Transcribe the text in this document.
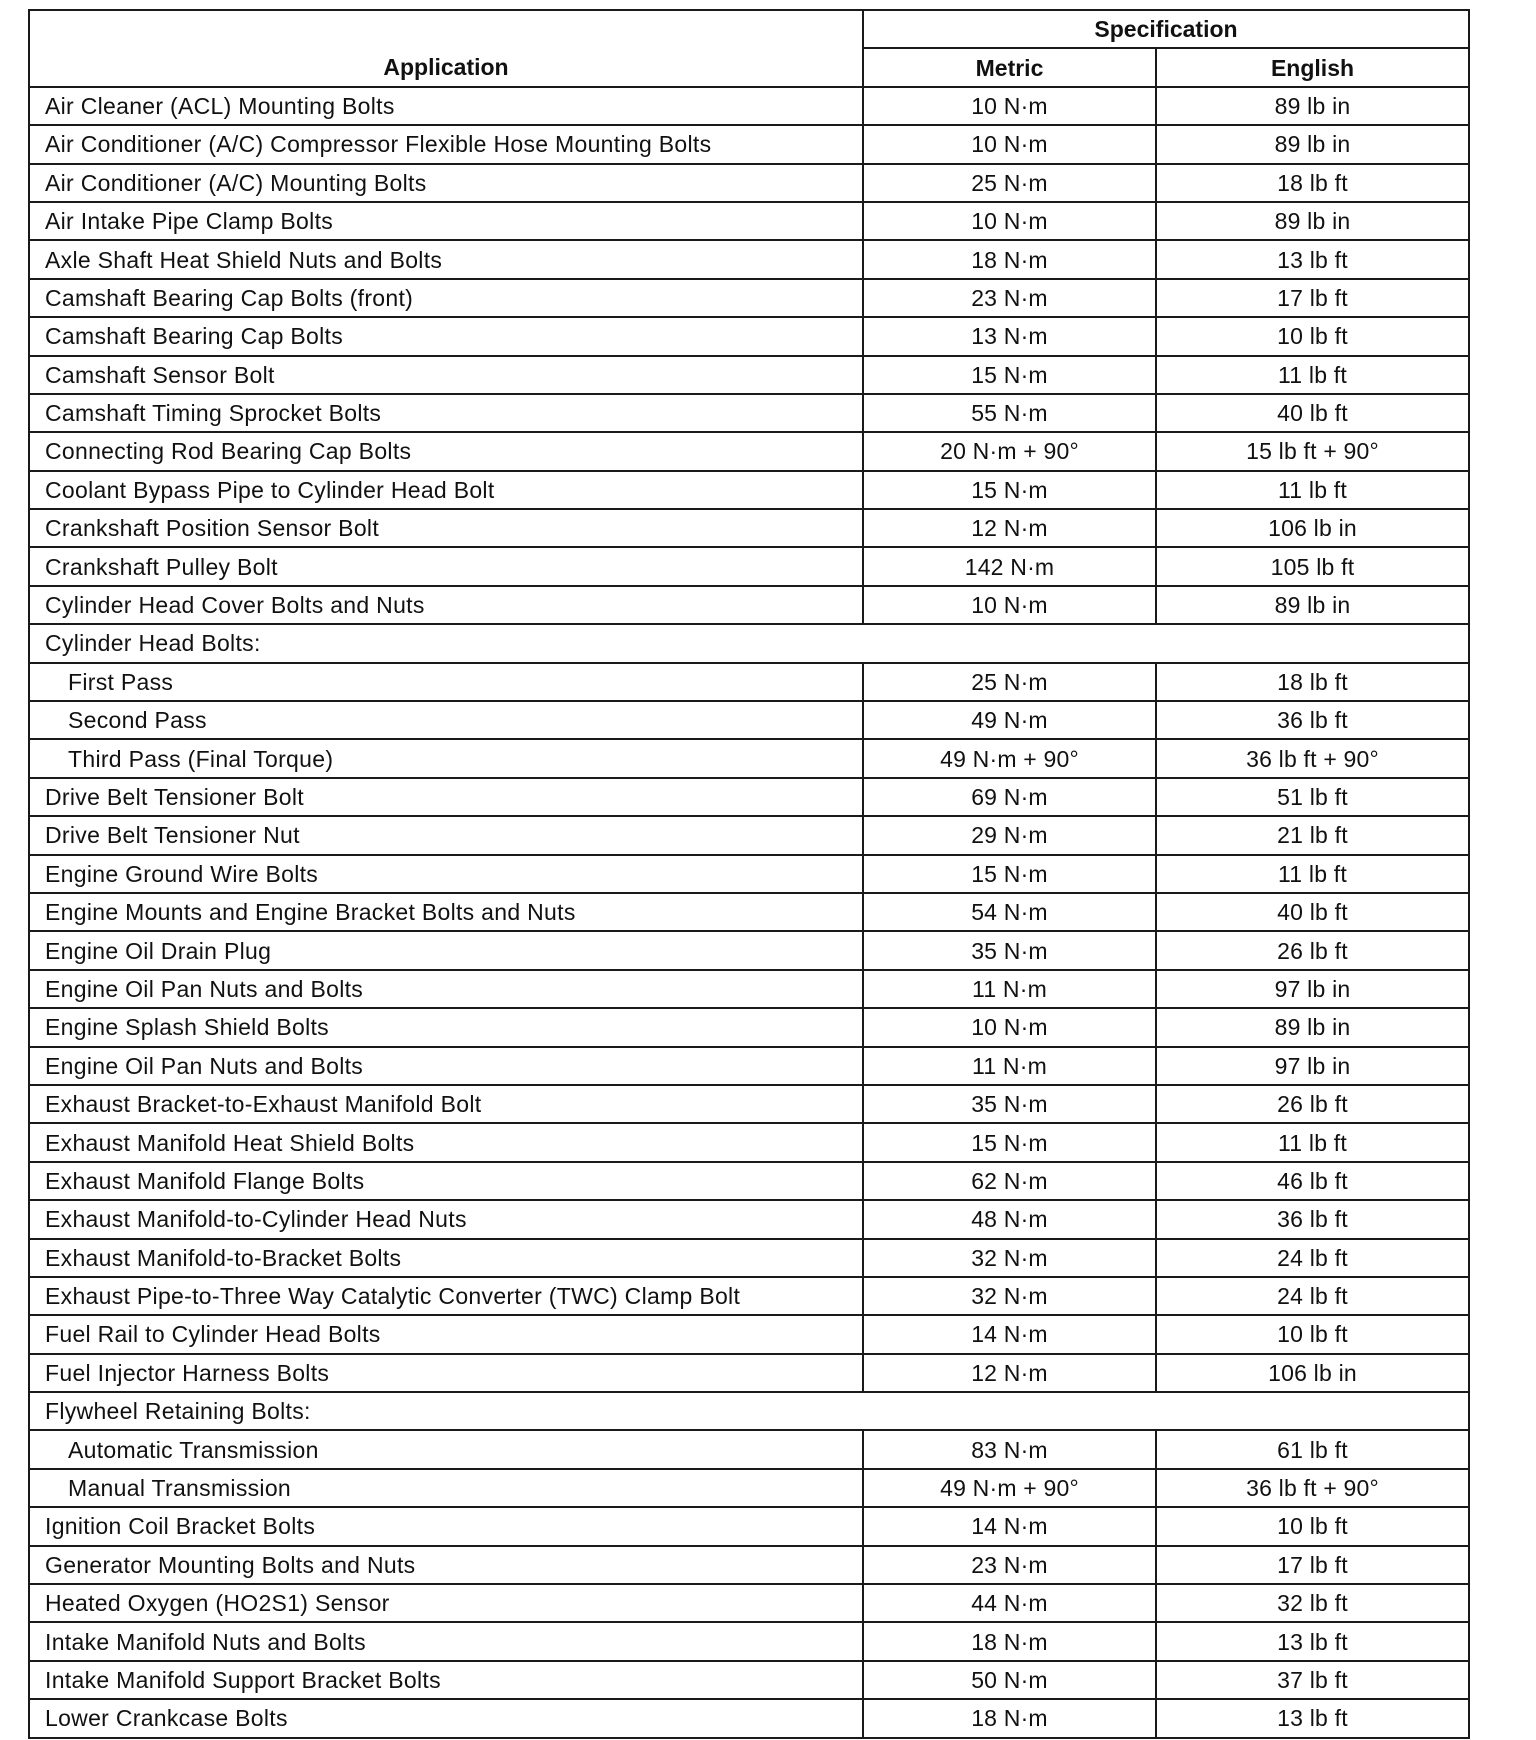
Application	Specification	
	Metric	English
Air Cleaner (ACL) Mounting Bolts	10 N·m	89 lb in
Air Conditioner (A/C) Compressor Flexible Hose Mounting Bolts	10 N·m	89 lb in
Air Conditioner (A/C) Mounting Bolts	25 N·m	18 lb ft
Air Intake Pipe Clamp Bolts	10 N·m	89 lb in
Axle Shaft Heat Shield Nuts and Bolts	18 N·m	13 lb ft
Camshaft Bearing Cap Bolts (front)	23 N·m	17 lb ft
Camshaft Bearing Cap Bolts	13 N·m	10 lb ft
Camshaft Sensor Bolt	15 N·m	11 lb ft
Camshaft Timing Sprocket Bolts	55 N·m	40 lb ft
Connecting Rod Bearing Cap Bolts	20 N·m + 90°	15 lb ft + 90°
Coolant Bypass Pipe to Cylinder Head Bolt	15 N·m	11 lb ft
Crankshaft Position Sensor Bolt	12 N·m	106 lb in
Crankshaft Pulley Bolt	142 N·m	105 lb ft
Cylinder Head Cover Bolts and Nuts	10 N·m	89 lb in
Cylinder Head Bolts:		
First Pass	25 N·m	18 lb ft
Second Pass	49 N·m	36 lb ft
Third Pass (Final Torque)	49 N·m + 90°	36 lb ft + 90°
Drive Belt Tensioner Bolt	69 N·m	51 lb ft
Drive Belt Tensioner Nut	29 N·m	21 lb ft
Engine Ground Wire Bolts	15 N·m	11 lb ft
Engine Mounts and Engine Bracket Bolts and Nuts	54 N·m	40 lb ft
Engine Oil Drain Plug	35 N·m	26 lb ft
Engine Oil Pan Nuts and Bolts	11 N·m	97 lb in
Engine Splash Shield Bolts	10 N·m	89 lb in
Engine Oil Pan Nuts and Bolts	11 N·m	97 lb in
Exhaust Bracket-to-Exhaust Manifold Bolt	35 N·m	26 lb ft
Exhaust Manifold Heat Shield Bolts	15 N·m	11 lb ft
Exhaust Manifold Flange Bolts	62 N·m	46 lb ft
Exhaust Manifold-to-Cylinder Head Nuts	48 N·m	36 lb ft
Exhaust Manifold-to-Bracket Bolts	32 N·m	24 lb ft
Exhaust Pipe-to-Three Way Catalytic Converter (TWC) Clamp Bolt	32 N·m	24 lb ft
Fuel Rail to Cylinder Head Bolts	14 N·m	10 lb ft
Fuel Injector Harness Bolts	12 N·m	106 lb in
Flywheel Retaining Bolts:		
Automatic Transmission	83 N·m	61 lb ft
Manual Transmission	49 N·m + 90°	36 lb ft + 90°
Ignition Coil Bracket Bolts	14 N·m	10 lb ft
Generator Mounting Bolts and Nuts	23 N·m	17 lb ft
Heated Oxygen (HO2S1) Sensor	44 N·m	32 lb ft
Intake Manifold Nuts and Bolts	18 N·m	13 lb ft
Intake Manifold Support Bracket Bolts	50 N·m	37 lb ft
Lower Crankcase Bolts	18 N·m	13 lb ft
